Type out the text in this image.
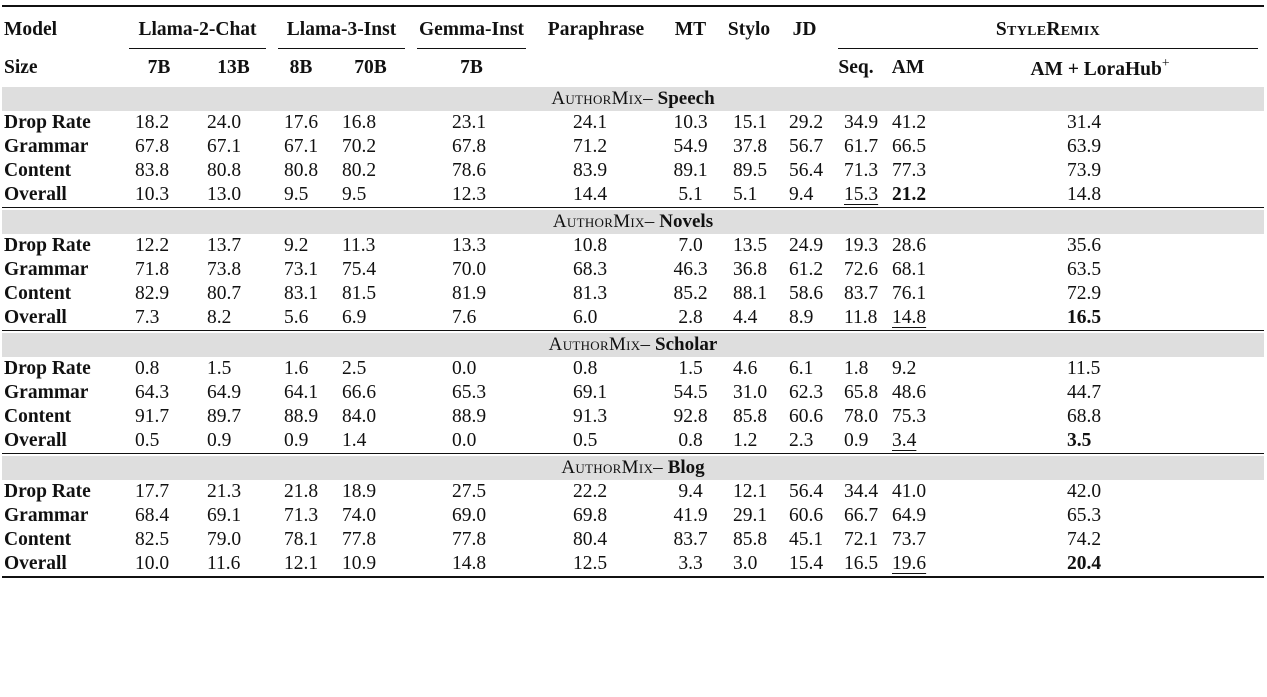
Model	Llama-2-Chat		Llama-3-Inst		Gemma-Inst	Paraphrase	MT	Stylo	JD	StyleRemix		
Size	7B	13B	8B	70B	7B					Seq.	AM	AM + LoraHub+

AuthorMix– Speech												
Drop Rate	18.2	24.0	17.6	16.8	23.1	24.1	10.3	15.1	29.2	34.9	41.2	31.4
Grammar	67.8	67.1	67.1	70.2	67.8	71.2	54.9	37.8	56.7	61.7	66.5	63.9
Content	83.8	80.8	80.8	80.2	78.6	83.9	89.1	89.5	56.4	71.3	77.3	73.9
Overall	10.3	13.0	9.5	9.5	12.3	14.4	5.1	5.1	9.4	15.3	21.2	14.8

AuthorMix– Novels												
Drop Rate	12.2	13.7	9.2	11.3	13.3	10.8	7.0	13.5	24.9	19.3	28.6	35.6
Grammar	71.8	73.8	73.1	75.4	70.0	68.3	46.3	36.8	61.2	72.6	68.1	63.5
Content	82.9	80.7	83.1	81.5	81.9	81.3	85.2	88.1	58.6	83.7	76.1	72.9
Overall	7.3	8.2	5.6	6.9	7.6	6.0	2.8	4.4	8.9	11.8	14.8	16.5

AuthorMix– Scholar												
Drop Rate	0.8	1.5	1.6	2.5	0.0	0.8	1.5	4.6	6.1	1.8	9.2	11.5
Grammar	64.3	64.9	64.1	66.6	65.3	69.1	54.5	31.0	62.3	65.8	48.6	44.7
Content	91.7	89.7	88.9	84.0	88.9	91.3	92.8	85.8	60.6	78.0	75.3	68.8
Overall	0.5	0.9	0.9	1.4	0.0	0.5	0.8	1.2	2.3	0.9	3.4	3.5

AuthorMix– Blog												
Drop Rate	17.7	21.3	21.8	18.9	27.5	22.2	9.4	12.1	56.4	34.4	41.0	42.0
Grammar	68.4	69.1	71.3	74.0	69.0	69.8	41.9	29.1	60.6	66.7	64.9	65.3
Content	82.5	79.0	78.1	77.8	77.8	80.4	83.7	85.8	45.1	72.1	73.7	74.2
Overall	10.0	11.6	12.1	10.9	14.8	12.5	3.3	3.0	15.4	16.5	19.6	20.4
